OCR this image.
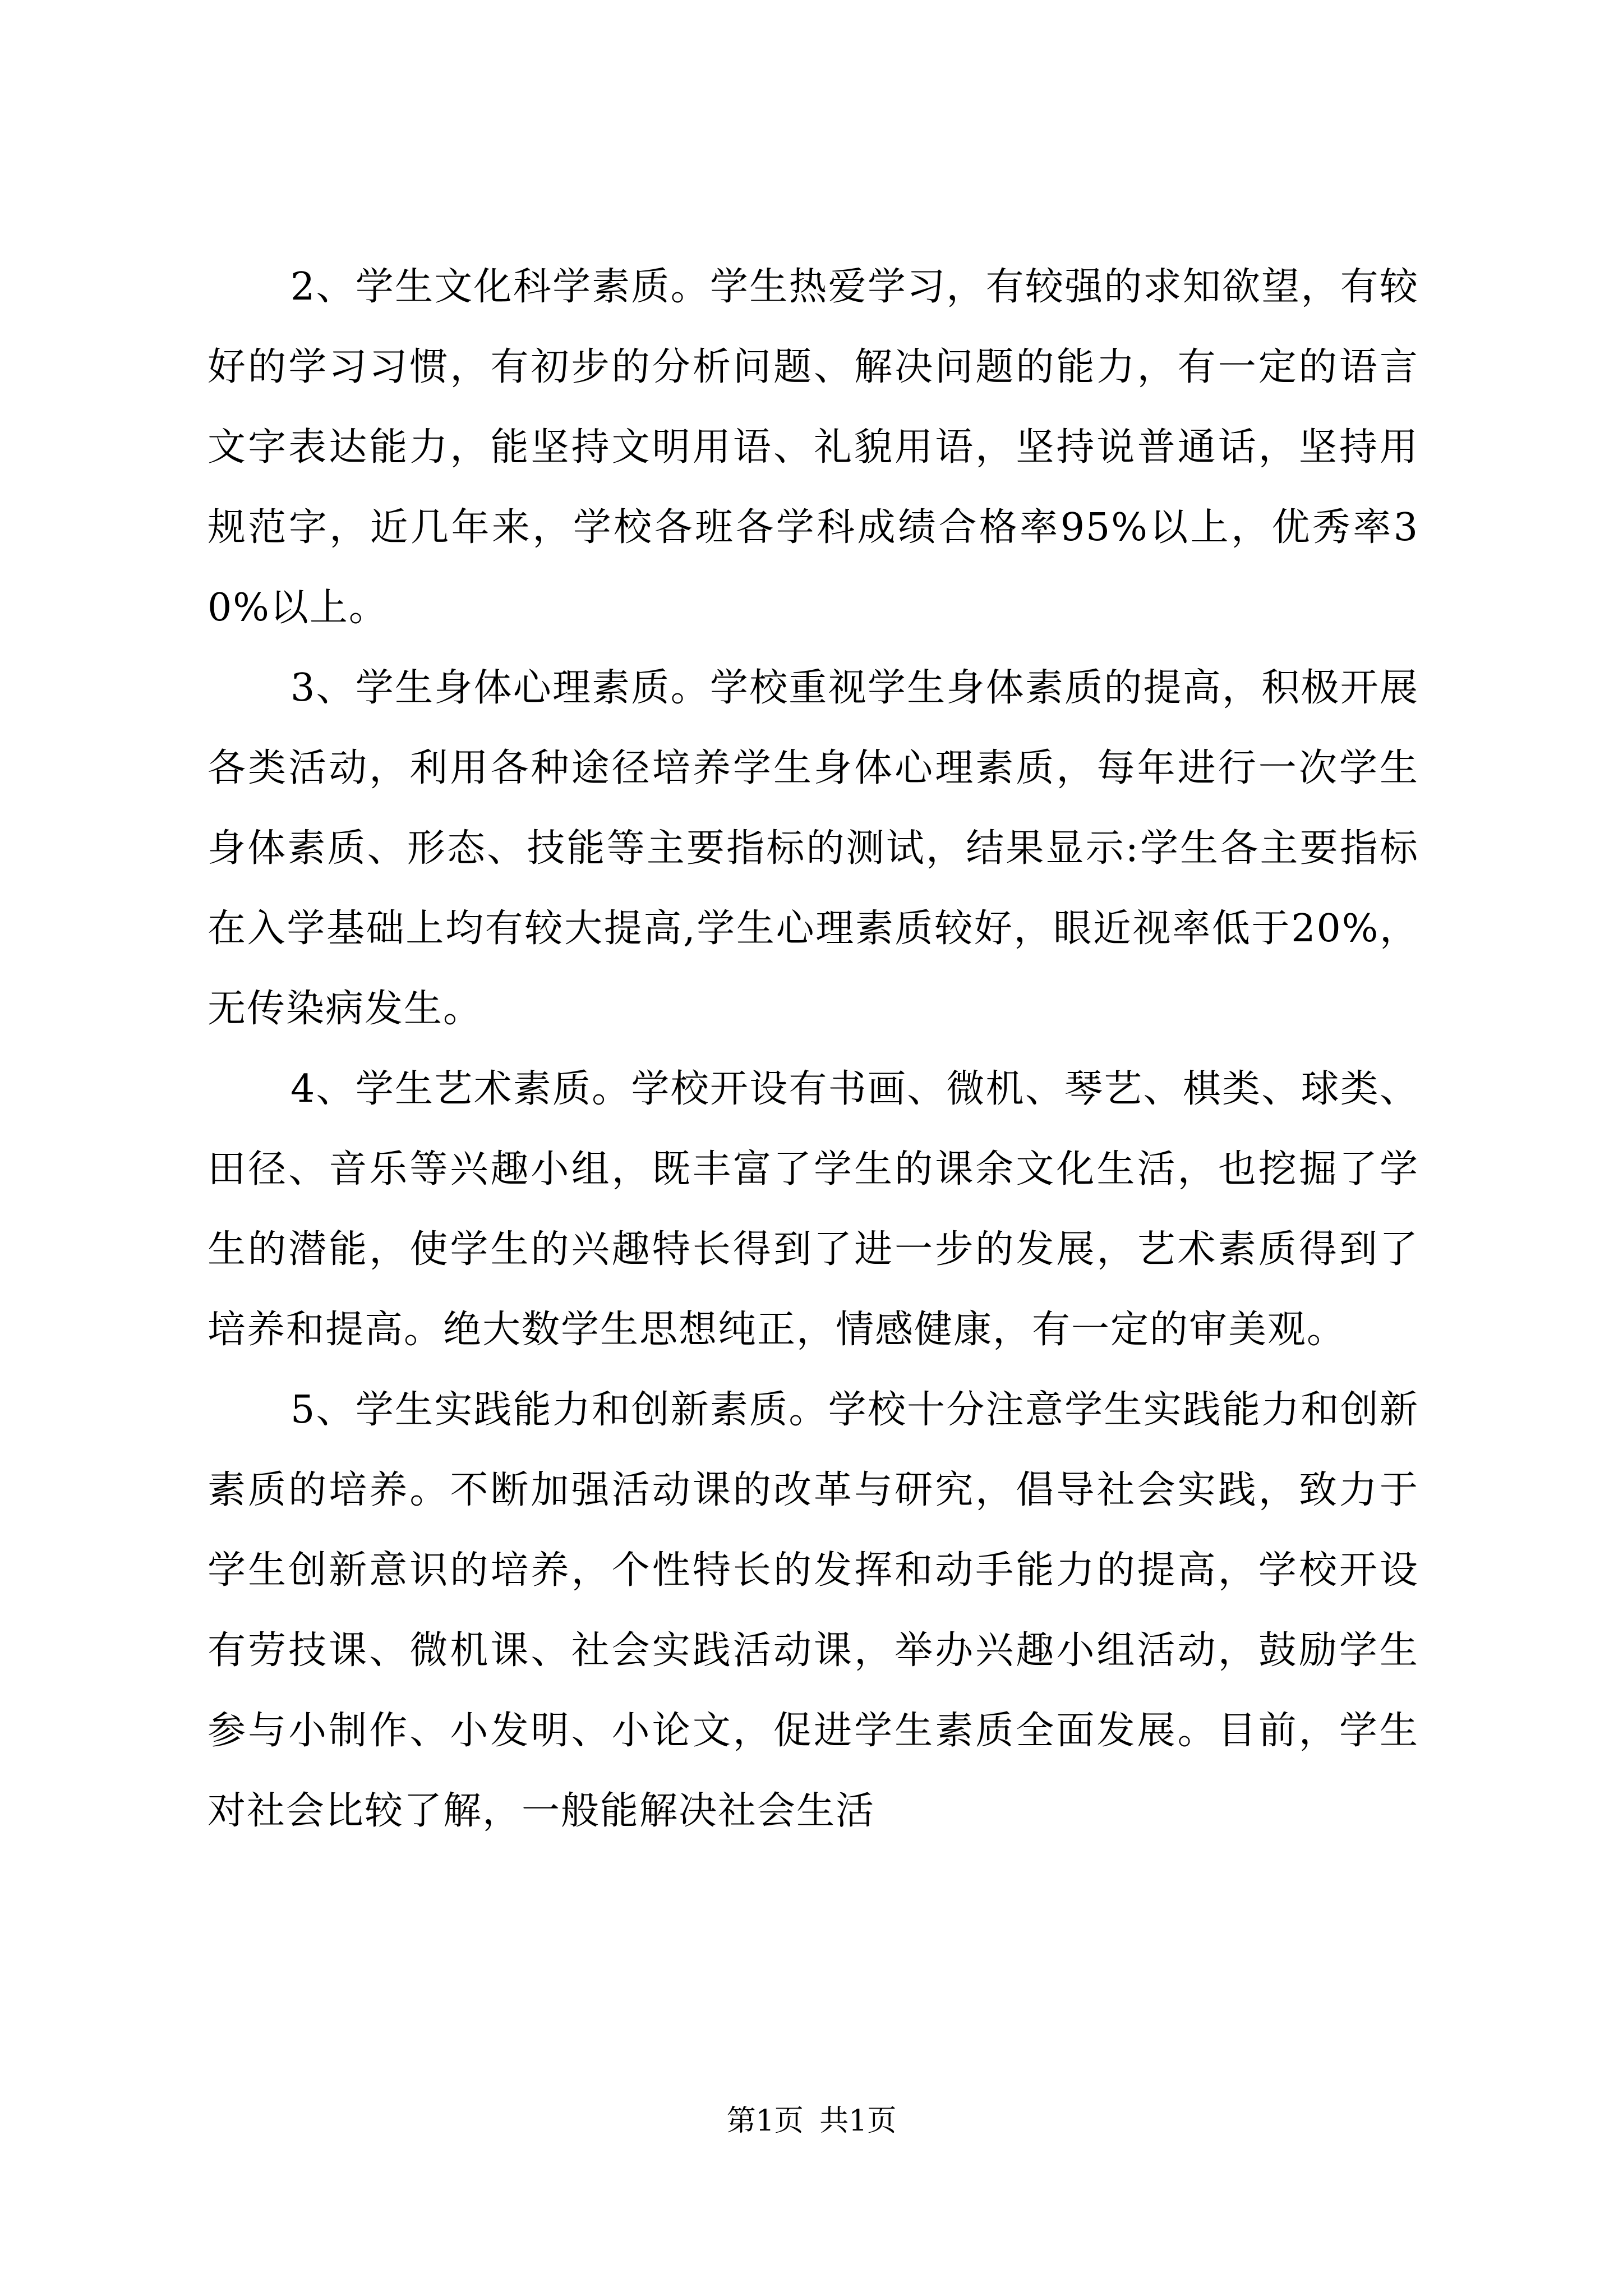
2、学生文化科学素质。学生热爱学习，有较强的求知欲望，有较好的学习习惯，有初步的分析问题、解决问题的能力，有一定的语言文字表达能力，能坚持文明用语、礼貌用语，坚持说普通话，坚持用规范字，近几年来，学校各班各学科成绩合格率95%以上，优秀率30%以上。

3、学生身体心理素质。学校重视学生身体素质的提高，积极开展各类活动，利用各种途径培养学生身体心理素质，每年进行一次学生身体素质、形态、技能等主要指标的测试，结果显示:学生各主要指标在入学基础上均有较大提高,学生心理素质较好，眼近视率低于20%，无传染病发生。

4、学生艺术素质。学校开设有书画、微机、琴艺、棋类、球类、田径、音乐等兴趣小组，既丰富了学生的课余文化生活，也挖掘了学生的潜能，使学生的兴趣特长得到了进一步的发展，艺术素质得到了培养和提高。绝大数学生思想纯正，情感健康，有一定的审美观。

5、学生实践能力和创新素质。学校十分注意学生实践能力和创新素质的培养。不断加强活动课的改革与研究，倡导社会实践，致力于学生创新意识的培养，个性特长的发挥和动手能力的提高，学校开设有劳技课、微机课、社会实践活动课，举办兴趣小组活动，鼓励学生参与小制作、小发明、小论文，促进学生素质全面发展。目前，学生对社会比较了解，一般能解决社会生活

第1页 共1页
